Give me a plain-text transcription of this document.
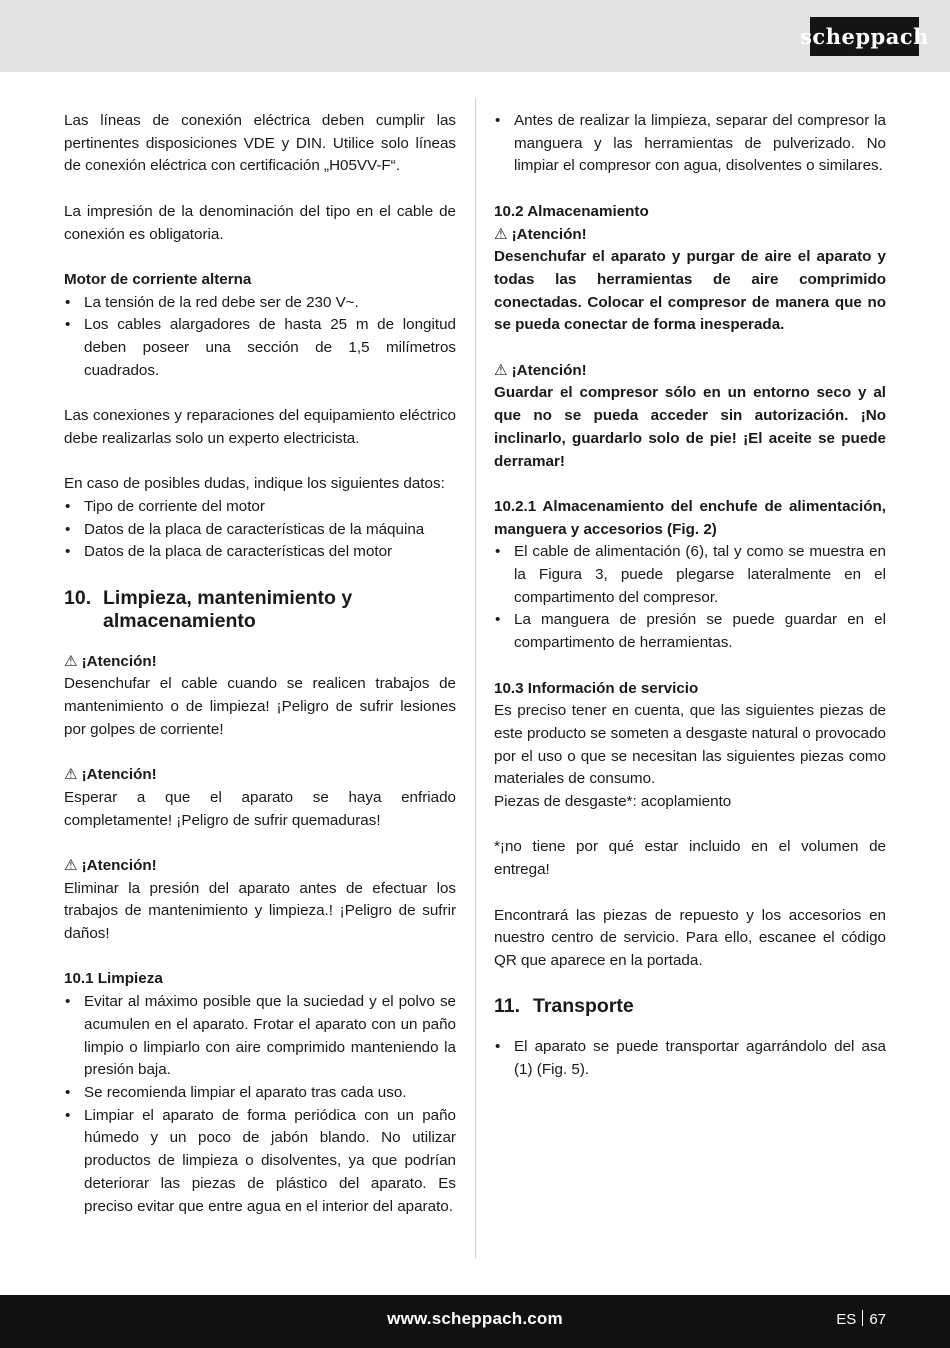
scheppach

Las líneas de conexión eléctrica deben cumplir las pertinentes disposiciones VDE y DIN. Utilice solo líneas de conexión eléctrica con certificación „H05VV-F“.

La impresión de la denominación del tipo en el cable de conexión es obligatoria.

Motor de corriente alterna

• La tensión de la red debe ser de 230 V~.
• Los cables alargadores de hasta 25 m de longitud deben poseer una sección de 1,5 milímetros cuadrados.

Las conexiones y reparaciones del equipamiento eléctrico debe realizarlas solo un experto electricista.

En caso de posibles dudas, indique los siguientes datos:

• Tipo de corriente del motor
• Datos de la placa de características de la máquina
• Datos de la placa de características del motor
10. Limpieza, mantenimiento y almacenamiento

⚠ ¡Atención!

Desenchufar el cable cuando se realicen trabajos de mantenimiento o de limpieza! ¡Peligro de sufrir lesiones por golpes de corriente!

⚠ ¡Atención!

Esperar a que el aparato se haya enfriado completamente! ¡Peligro de sufrir quemaduras!

⚠ ¡Atención!

Eliminar la presión del aparato antes de efectuar los trabajos de mantenimiento y limpieza.! ¡Peligro de sufrir daños!

10.1 Limpieza

• Evitar al máximo posible que la suciedad y el polvo se acumulen en el aparato. Frotar el aparato con un paño limpio o limpiarlo con aire comprimido manteniendo la presión baja.
• Se recomienda limpiar el aparato tras cada uso.
• Limpiar el aparato de forma periódica con un paño húmedo y un poco de jabón blando. No utilizar productos de limpieza o disolventes, ya que podrían deteriorar las piezas de plástico del aparato. Es preciso evitar que entre agua en el interior del aparato.
• Antes de realizar la limpieza, separar del compresor la manguera y las herramientas de pulverizado. No limpiar el compresor con agua, disolventes o similares.

10.2 Almacenamiento

⚠ ¡Atención!

Desenchufar el aparato y purgar de aire el aparato y todas las herramientas de aire comprimido conectadas. Colocar el compresor de manera que no se pueda conectar de forma inesperada.

⚠ ¡Atención!

Guardar el compresor sólo en un entorno seco y al que no se pueda acceder sin autorización. ¡No inclinarlo, guardarlo solo de pie! ¡El aceite se puede derramar!

10.2.1 Almacenamiento del enchufe de alimentación, manguera y accesorios (Fig. 2)

• El cable de alimentación (6), tal y como se muestra en la Figura 3, puede plegarse lateralmente en el compartimento del compresor.
• La manguera de presión se puede guardar en el compartimento de herramientas.

10.3 Información de servicio

Es preciso tener en cuenta, que las siguientes piezas de este producto se someten a desgaste natural o provocado por el uso o que se necesitan las siguientes piezas como materiales de consumo.

Piezas de desgaste*: acoplamiento

*¡no tiene por qué estar incluido en el volumen de entrega!

Encontrará las piezas de repuesto y los accesorios en nuestro centro de servicio. Para ello, escanee el código QR que aparece en la portada.

11. Transporte
• El aparato se puede transportar agarrándolo del asa (1) (Fig. 5).
www.scheppach.com	ES 67
